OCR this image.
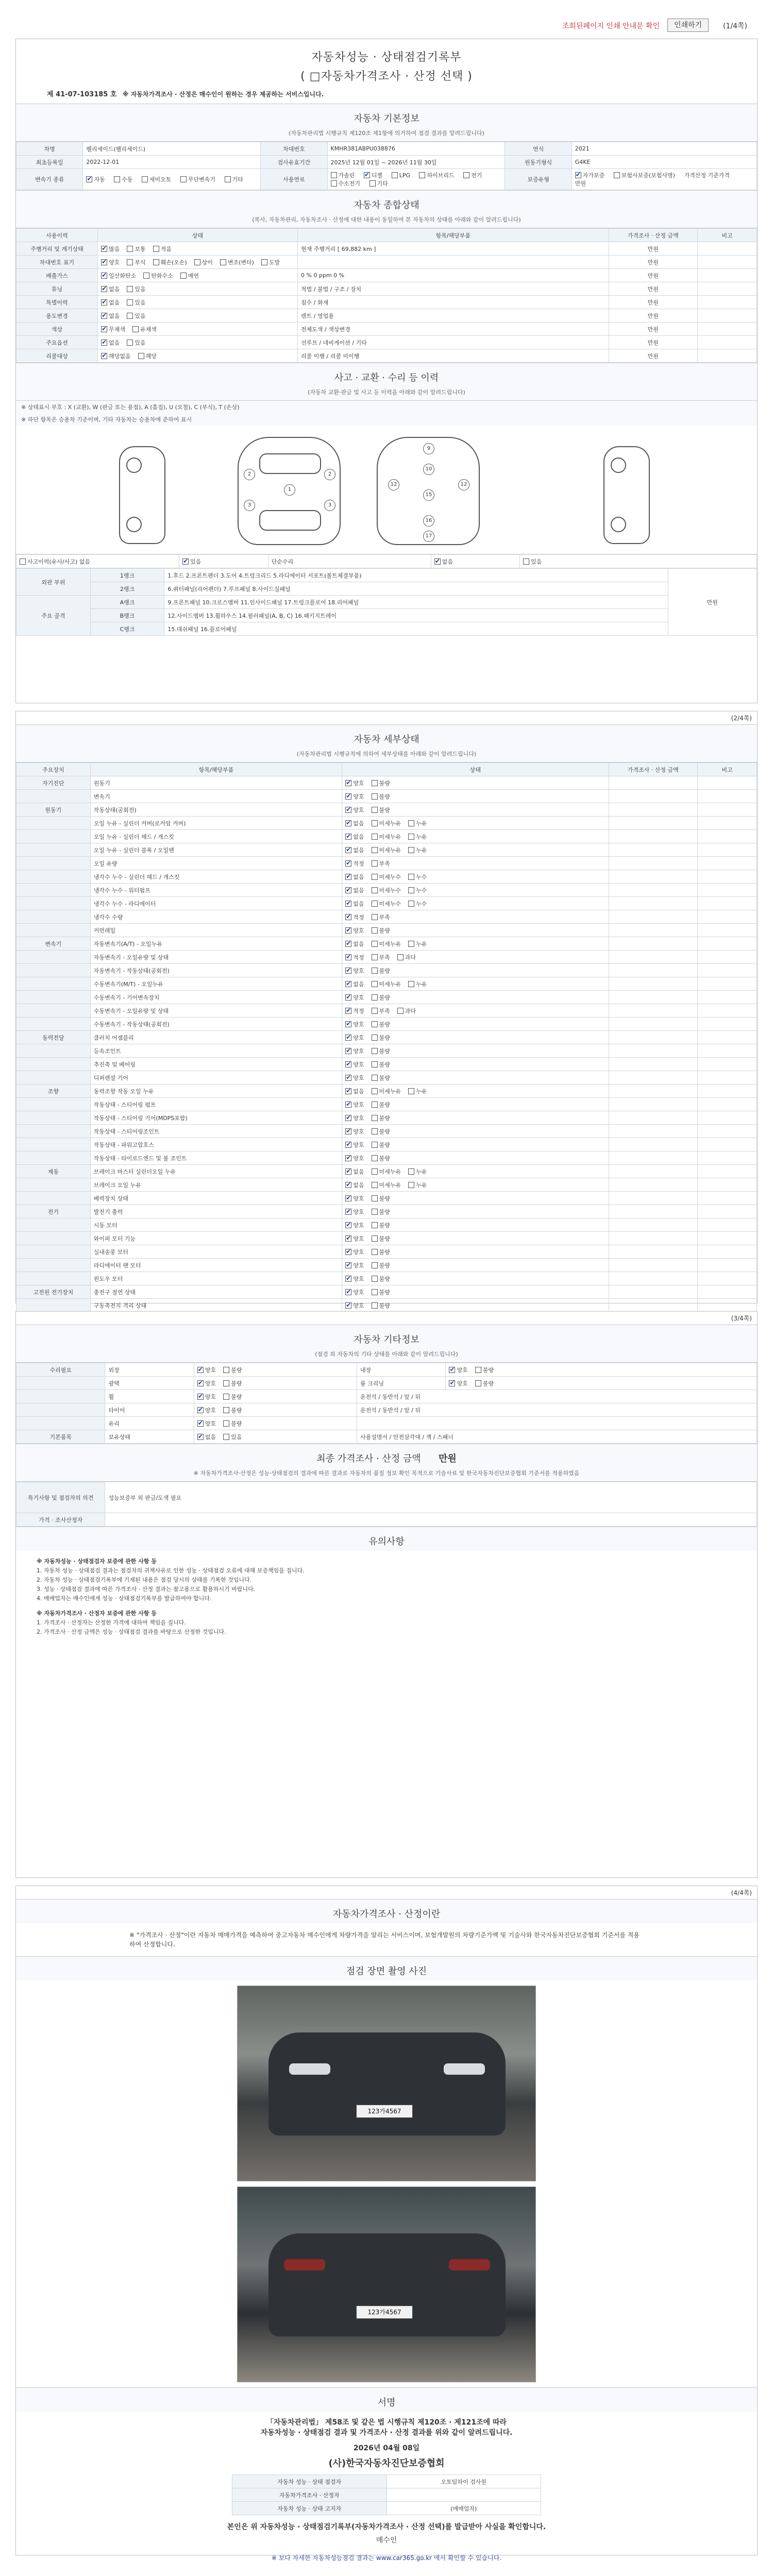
조회된페이지 인쇄 안내문 확인	인쇄하기	(1/4쪽)
자동차성능 · 상태점검기록부
( □자동차가격조사 · 산정 선택 )
제 41-07-103185 호 ※ 자동차가격조사 · 산정은 매수인이 원하는 경우 제공하는 서비스입니다.
자동차 기본정보
(자동차관리법 시행규칙 제120조 제1항에 의거하여 점검 결과를 알려드립니다)
차명	펠리세이드(팰리세이드)	차대번호	KMHR381ABPU038876	연식	2021
최초등록일	2022-12-01	검사유효기간	2025년 12월 01일 ~ 2026년 11월 30일	원동기형식	G4KE
변속기 종류	✔자동 수동 세미오토 무단변속기 기타	사용연료	가솔린 ✔ 디젤 LPG 하이브리드 전기 수소전기 기타	보증유형	✔자가보증 보험사보증(보험사명) 가격산정 기준가격 만원
자동차 종합상태
(복사, 자동차관리, 자동차조사 · 산정에 대한 내용이 동일하여 본 자동차의 상태를 아래와 같이 알려드립니다)
사용이력	상태	항목/해당부품	가격조사 · 산정 금액	비고
주행거리 및 계기상태	✔많음 보통 적음	현재 주행거리 [ 69,882 km ]	만원	
차대번호 표기	✔양호 부식 훼손(오손) 상이 변조(변타) 도말		만원	
배출가스	✔일산화탄소 탄화수소 매연	0 % 0 ppm 0 %	만원	
튜닝	✔없음 있음	적법 / 불법 / 구조 / 장치	만원	
특별이력	✔없음 있음	침수 / 화재	만원	
용도변경	✔없음 있음	렌트 / 영업용	만원	
색상	✔무채색 유채색	전체도색 / 색상변경	만원	
주요옵션	✔없음 있음	선루프 / 네비게이션 / 기타	만원	
리콜대상	✔해당없음 해당	리콜 이행 / 리콜 미이행	만원	
사고 · 교환 · 수리 등 이력
(자동차 교환·판금 및 사고 등 이력을 아래와 같이 알려드립니다)
※ 상태표시 부호 : X (교환), W (판금 또는 용접), A (흠집), U (요철), C (부식), T (손상)
※ 하단 항목은 승용차 기준이며, 기타 자동차는 승용차에 준하여 표시
1
2	2
3	3
9
10
15
16
17
12	12
사고이력(유사/사고) 없음	✔있음	단순수리	✔없음	있음
외판 부위	1랭크	1.후드 2.프론트펜더 3.도어 4.트렁크리드 5.라디에이터 서포트(볼트체결부품)	만원
	2랭크	6.쿼터패널(리어펜더) 7.루프패널 8.사이드실패널	
주요 골격	A랭크	9.프론트패널 10.크로스멤버 11.인사이드패널 17.트렁크플로어 18.리어패널	
	B랭크	12.사이드멤버 13.휠하우스 14.필러패널(A, B, C) 16.패키지트레이	
	C랭크	15.대쉬패널 16.플로어패널	
(2/4쪽)
자동차 세부상태
(자동차관리법 시행규칙에 의하여 세부상태를 아래와 같이 알려드립니다)
주요장치	항목/해당부품	상태	가격조사 · 산정 금액	비고
자기진단	원동기	✔양호 불량		
	변속기	✔양호 불량		
원동기	작동상태(공회전)	✔양호 불량		
	오일 누유 - 실린더 커버(로커암 커버)	✔없음 미세누유 누유		
	오일 누유 - 실린더 헤드 / 개스킷	✔없음 미세누유 누유		
	오일 누유 - 실린더 블록 / 오일팬	✔없음 미세누유 누유		
	오일 유량	✔적정 부족		
	냉각수 누수 - 실린더 헤드 / 개스킷	✔없음 미세누수 누수		
	냉각수 누수 - 워터펌프	✔없음 미세누수 누수		
	냉각수 누수 - 라디에이터	✔없음 미세누수 누수		
	냉각수 수량	✔적정 부족		
	커먼레일	✔양호 불량		
변속기	자동변속기(A/T) - 오일누유	✔없음 미세누유 누유		
	자동변속기 - 오일유량 및 상태	✔적정 부족 과다		
	자동변속기 - 작동상태(공회전)	✔양호 불량		
	수동변속기(M/T) - 오일누유	✔없음 미세누유 누유		
	수동변속기 - 기어변속장치	✔양호 불량		
	수동변속기 - 오일유량 및 상태	✔적정 부족 과다		
	수동변속기 - 작동상태(공회전)	✔양호 불량		
동력전달	클러치 어셈블리	✔양호 불량		
	등속조인트	✔양호 불량		
	추진축 및 베어링	✔양호 불량		
	디퍼렌셜 기어	✔양호 불량		
조향	동력조향 작동 오일 누유	✔없음 미세누유 누유		
	작동상태 - 스티어링 펌프	✔양호 불량		
	작동상태 - 스티어링 기어(MDPS포함)	✔양호 불량		
	작동상태 - 스티어링조인트	✔양호 불량		
	작동상태 - 파워고압호스	✔양호 불량		
	작동상태 - 타이로드엔드 및 볼 조인트	✔양호 불량		
제동	브레이크 마스터 실린더오일 누유	✔없음 미세누유 누유		
	브레이크 오일 누유	✔없음 미세누유 누유		
	배력장치 상태	✔양호 불량		
전기	발전기 출력	✔양호 불량		
	시동 모터	✔양호 불량		
	와이퍼 모터 기능	✔양호 불량		
	실내송풍 모터	✔양호 불량		
	라디에이터 팬 모터	✔양호 불량		
	윈도우 모터	✔양호 불량		
고전원 전기장치	충전구 절연 상태	✔양호 불량		
	구동축전지 격리 상태	✔양호 불량		
		✔		
		✔		
(3/4쪽)
자동차 기타정보
(점검 외 자동차의 기타 상태를 아래와 같이 알려드립니다)
수리필요	외장	✔양호 불량	내장	✔양호 불량
	광택	✔양호 불량	룸 크리닝	✔양호 불량
	휠	✔양호 불량	운전석 / 동반석 / 앞 / 뒤	
	타이어	✔양호 불량	운전석 / 동반석 / 앞 / 뒤	
	유리	✔양호 불량	
기본품목	보유상태	✔없음 있음	사용설명서 / 안전삼각대 / 잭 / 스패너	
최종 가격조사 · 산정 금액 만원
※ 자동차가격조사·산정은 성능·상태점검의 결과에 따른 결과로 자동차의 품질 정보 확인 목적으로 기술사료 및 한국자동차진단보증협회 기준서를 적용하였음
특기사항 및 점검자의 의견	성능보증부 외 판금/도색 필요
가격 · 조사산정자	
유의사항

※ 자동차성능 · 상태점검자 보증에 관한 사항 등

1. 자동차 성능 · 상태점검 결과는 점검자의 귀책사유로 인한 성능 · 상태점검 오류에 대해 보증책임을 집니다.

2. 자동차 성능 · 상태점검기록부에 기재된 내용은 점검 당시의 상태를 기록한 것입니다.

3. 성능 · 상태점검 결과에 따른 가격조사 · 산정 결과는 참고용으로 활용하시기 바랍니다.

4. 매매업자는 매수인에게 성능 · 상태점검기록부를 발급하여야 합니다.

※ 자동차가격조사 · 산정자 보증에 관한 사항 등

1. 가격조사 · 산정자는 산정한 가격에 대하여 책임을 집니다.

2. 가격조사 · 산정 금액은 성능 · 상태점검 결과를 바탕으로 산정한 것입니다.

(4/4쪽)
자동차가격조사 · 산정이란
※ "가격조사 · 산정"이란 자동차 매매가격을 예측하여 중고자동차 매수인에게 차량가격을 알리는 서비스이며, 보험개발원의 차량기준가액 및 기술사와 한국자동차진단보증협회 기준서를 적용하여 산정합니다.
점검 장면 촬영 사진
123가4567
123가4567
서명
「자동차관리법」 제58조 및 같은 법 시행규칙 제120조 · 제121조에 따라
자동차성능 · 상태점검 결과 및 가격조사 · 산정 결과를 위와 같이 알려드립니다.
2026년 04월 08일
(사)한국자동차진단보증협회
자동차 성능 · 상태 점검자	오토팀하이 검사원
자동차가격조사 · 산정자	
자동차 성능 · 상태 고지자	(매매업자)
본인은 위 자동차성능 · 상태점검기록부(자동차가격조사 · 산정 선택)를 발급받아 사실을 확인합니다.
매수인
※ 보다 자세한 자동차성능점검 결과는 www.car365.go.kr 에서 확인할 수 있습니다.
